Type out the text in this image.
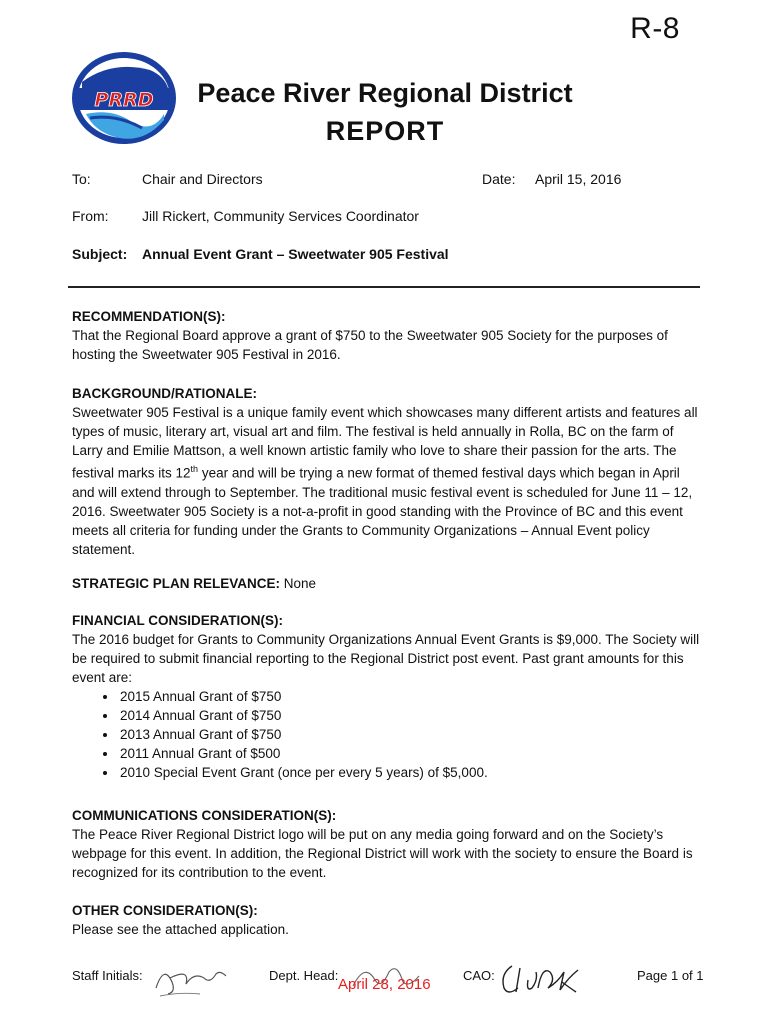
R-8
PRRD	Peace River Regional District
REPORT
To:	Chair and Directors	Date: April 15, 2016
From: Jill Rickert, Community Services Coordinator
Subject: Annual Event Grant – Sweetwater 905 Festival
RECOMMENDATION(S):

That the Regional Board approve a grant of $750 to the Sweetwater 905 Society for the purposes of hosting the Sweetwater 905 Festival in 2016.

BACKGROUND/RATIONALE:

Sweetwater 905 Festival is a unique family event which showcases many different artists and features all types of music, literary art, visual art and film. The festival is held annually in Rolla, BC on the farm of Larry and Emilie Mattson, a well known artistic family who love to share their passion for the arts. The festival marks its 12th year and will be trying a new format of themed festival days which began in April and will extend through to September. The traditional music festival event is scheduled for June 11 – 12, 2016. Sweetwater 905 Society is a not-a-profit in good standing with the Province of BC and this event meets all criteria for funding under the Grants to Community Organizations – Annual Event policy statement.

STRATEGIC PLAN RELEVANCE: None

FINANCIAL CONSIDERATION(S):

The 2016 budget for Grants to Community Organizations Annual Event Grants is $9,000. The Society will be required to submit financial reporting to the Regional District post event. Past grant amounts for this event are:

• 2015 Annual Grant of $750
• 2014 Annual Grant of $750
• 2013 Annual Grant of $750
• 2011 Annual Grant of $500
• 2010 Special Event Grant (once per every 5 years) of $5,000.
COMMUNICATIONS CONSIDERATION(S):

The Peace River Regional District logo will be put on any media going forward and on the Society’s webpage for this event. In addition, the Regional District will work with the society to ensure the Board is recognized for its contribution to the event.

OTHER CONSIDERATION(S):

Please see the attached application.

Staff Initials:	Dept. Head:
April 28, 2016
CAO:	Page 1 of 1
